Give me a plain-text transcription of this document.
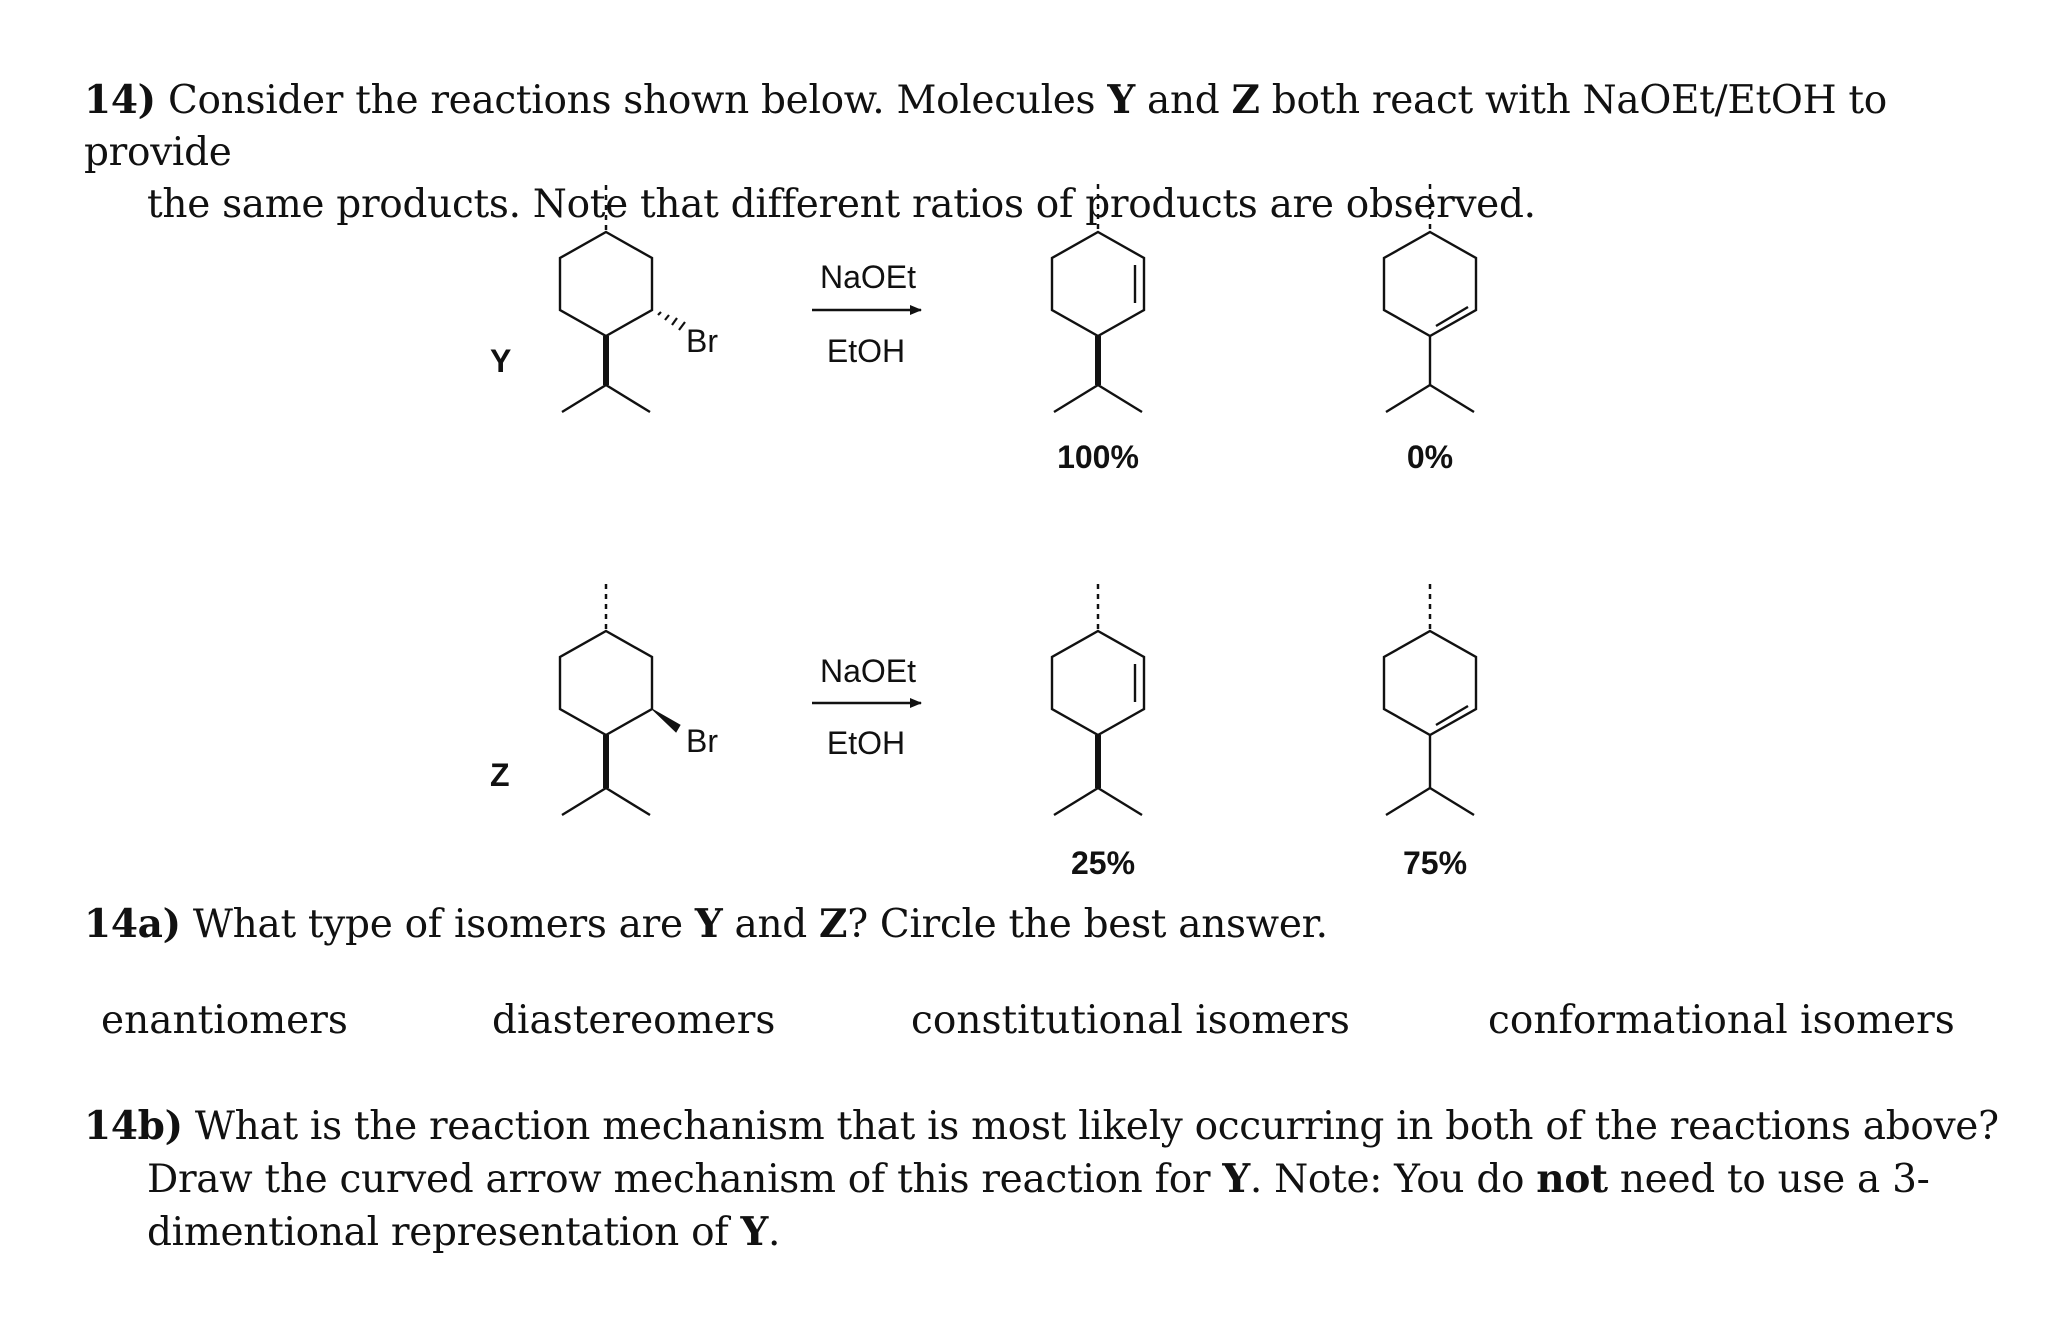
14) Consider the reactions shown below. Molecules Y and Z both react with NaOEt/EtOH to provide
the same products. Note that different ratios of products are observed.
Br
Y
NaOEt
EtOH
100%	0%
Br
Z
NaOEt
EtOH
25%	75%
14a) What type of isomers are Y and Z? Circle the best answer.
enantiomers	diastereomers	constitutional isomers	conformational isomers
14b) What is the reaction mechanism that is most likely occurring in both of the reactions above?
Draw the curved arrow mechanism of this reaction for Y. Note: You do not need to use a 3-
dimentional representation of Y.
